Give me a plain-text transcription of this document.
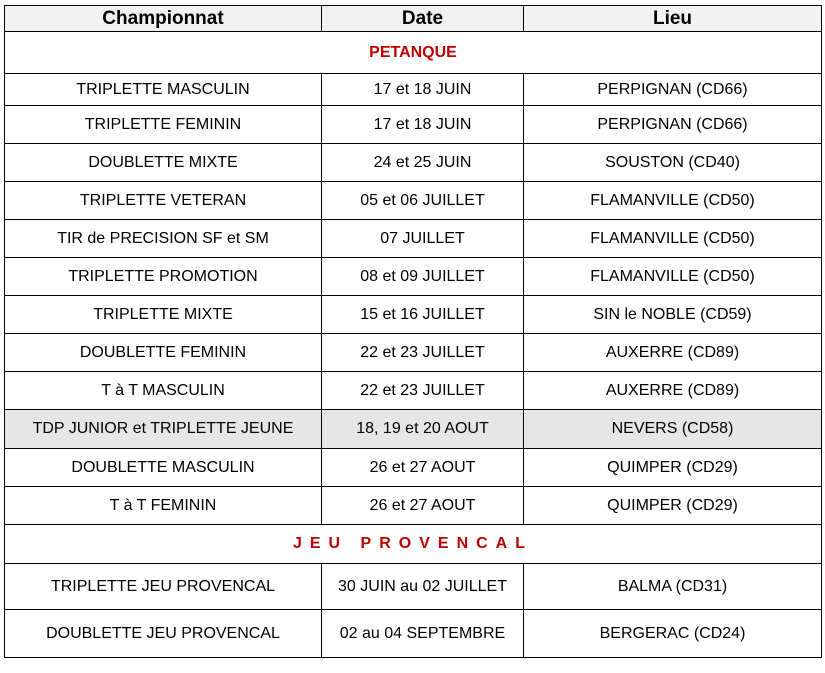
Championnat	Date	Lieu
PETANQUE		
TRIPLETTE MASCULIN	17 et 18 JUIN	PERPIGNAN (CD66)
TRIPLETTE FEMININ	17 et 18 JUIN	PERPIGNAN (CD66)
DOUBLETTE MIXTE	24 et 25 JUIN	SOUSTON (CD40)
TRIPLETTE VETERAN	05 et 06 JUILLET	FLAMANVILLE (CD50)
TIR de PRECISION SF et SM	07 JUILLET	FLAMANVILLE (CD50)
TRIPLETTE PROMOTION	08 et 09 JUILLET	FLAMANVILLE (CD50)
TRIPLETTE MIXTE	15 et 16 JUILLET	SIN le NOBLE (CD59)
DOUBLETTE FEMININ	22 et 23 JUILLET	AUXERRE (CD89)
T à T MASCULIN	22 et 23 JUILLET	AUXERRE (CD89)
TDP JUNIOR et TRIPLETTE JEUNE	18, 19 et 20 AOUT	NEVERS (CD58)
DOUBLETTE MASCULIN	26 et 27 AOUT	QUIMPER (CD29)
T à T FEMININ	26 et 27 AOUT	QUIMPER (CD29)
JEU PROVENCAL		
TRIPLETTE JEU PROVENCAL	30 JUIN au 02 JUILLET	BALMA (CD31)
DOUBLETTE JEU PROVENCAL	02 au 04 SEPTEMBRE	BERGERAC (CD24)
